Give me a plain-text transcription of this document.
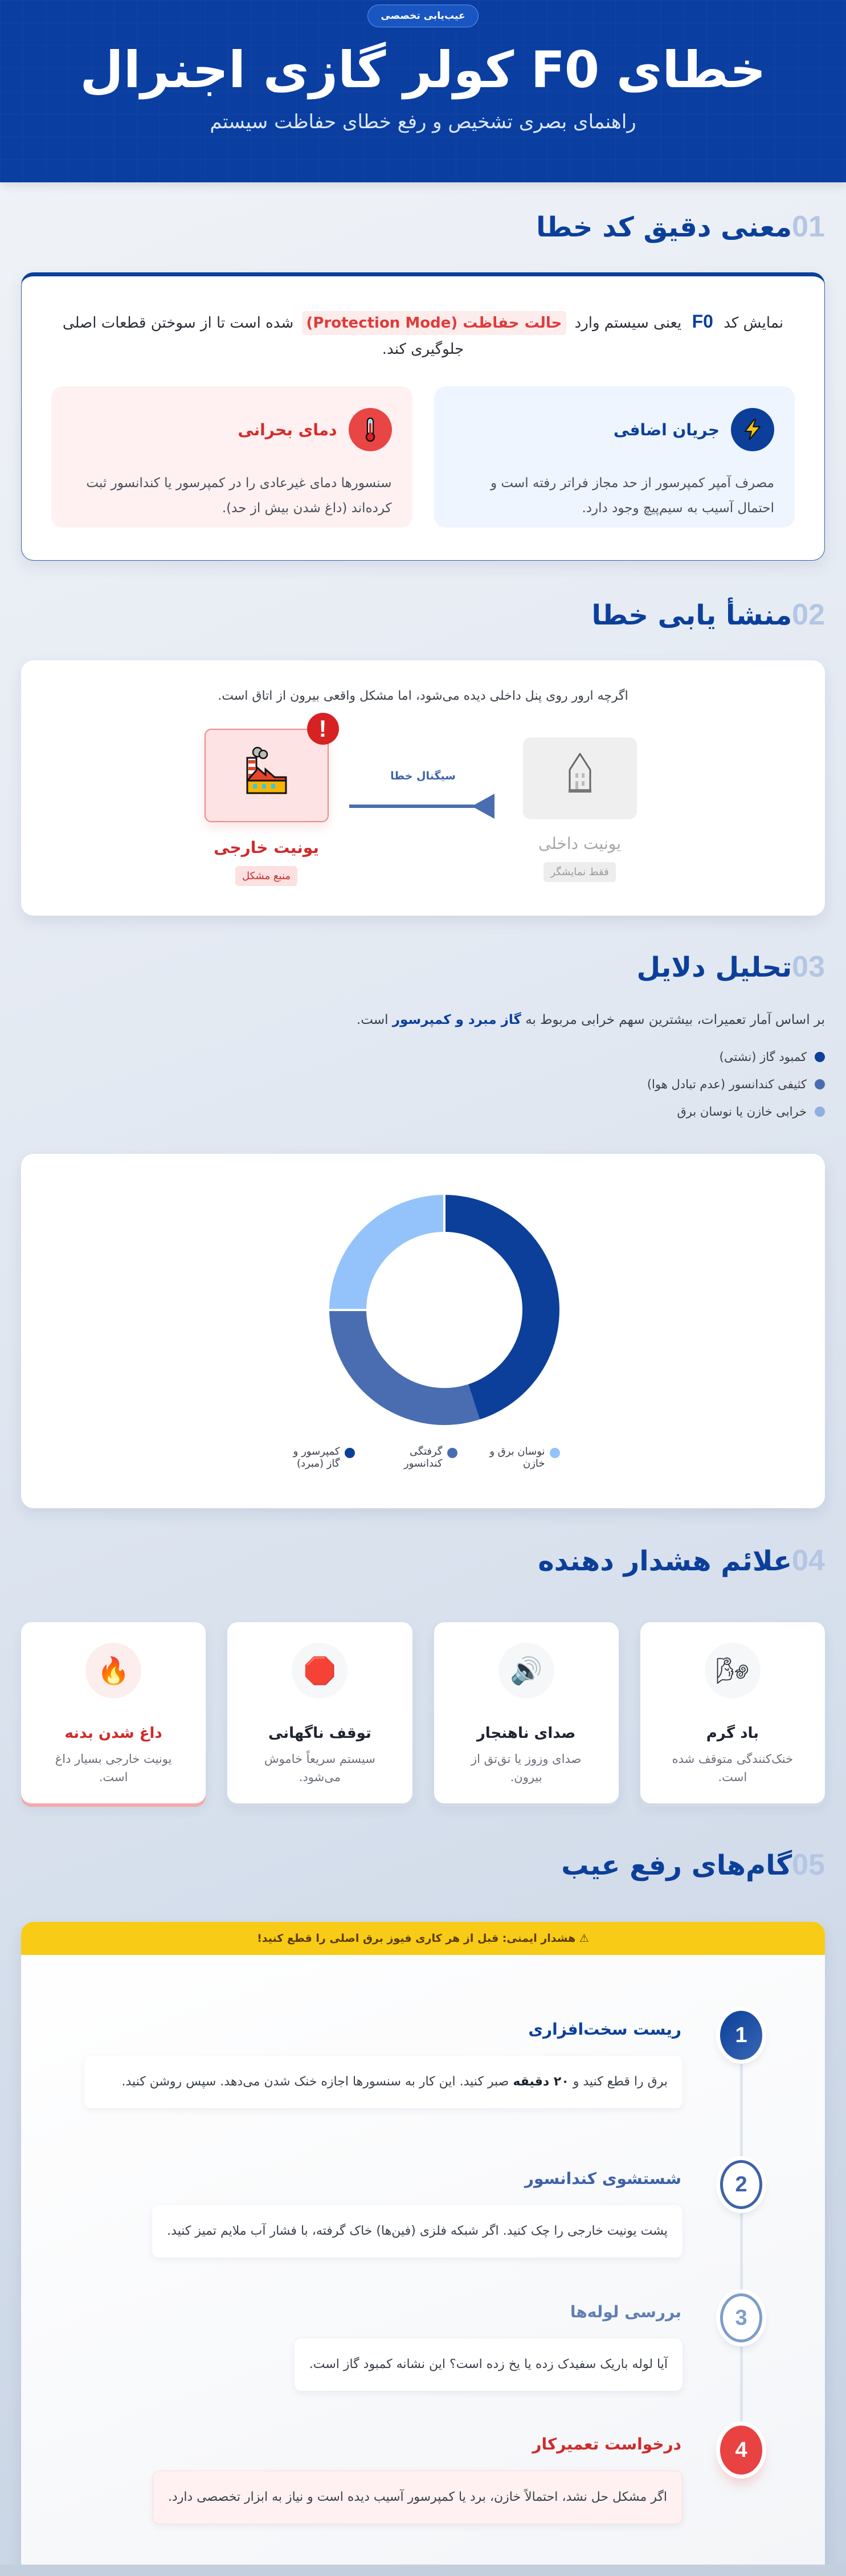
عیب‌یابی تخصصی
خطای F0 کولر گازی اجنرال

راهنمای بصری تشخیص و رفع خطای حفاظت سیستم

01
معنی دقیق کد خطا

نمایش کد F0 یعنی سیستم وارد حالت حفاظت (Protection Mode) شده است تا از سوختن قطعات اصلی جلوگیری کند.

جریان اضافی

مصرف آمپر کمپرسور از حد مجاز فراتر رفته است و احتمال آسیب به سیم‌پیچ وجود دارد.

دمای بحرانی

سنسورها دمای غیرعادی را در کمپرسور یا کندانسور ثبت کرده‌اند (داغ شدن بیش از حد).

02
منشأ یابی خطا

اگرچه ارور روی پنل داخلی دیده می‌شود، اما مشکل واقعی بیرون از اتاق است.

!
یونیت خارجی
منبع مشکل
سیگنال خطا
یونیت داخلی
فقط نمایشگر
03
تحلیل دلایل

بر اساس آمار تعمیرات، بیشترین سهم خرابی مربوط به گاز مبرد و کمپرسور است.

کمبود گاز (نشتی)
کثیفی کندانسور (عدم تبادل هوا)
خرابی خازن یا نوسان برق
نوسان برق و خازن
گرفتگی کندانسور
کمپرسور و گاز (مبرد)
04
علائم هشدار دهنده
🌬
باد گرم

خنک‌کنندگی متوقف شده است.

🔊
صدای ناهنجار

صدای وزوز یا تق‌تق از بیرون.

🛑
توقف ناگهانی

سیستم سریعاً خاموش می‌شود.

🔥
داغ شدن بدنه

یونیت خارجی بسیار داغ است.

05
گام‌های رفع عیب
⚠ هشدار ایمنی: قبل از هر کاری فیوز برق اصلی را قطع کنید!
1
ریست سخت‌افزاری
برق را قطع کنید و ۲۰ دقیقه صبر کنید. این کار به سنسورها اجازه خنک شدن می‌دهد. سپس روشن کنید.
2
شستشوی کندانسور
پشت یونیت خارجی را چک کنید. اگر شبکه فلزی (فین‌ها) خاک گرفته، با فشار آب ملایم تمیز کنید.
3
بررسی لوله‌ها
آیا لوله باریک سفیدک زده یا یخ زده است؟ این نشانه کمبود گاز است.
4
درخواست تعمیرکار
اگر مشکل حل نشد، احتمالاً خازن، برد یا کمپرسور آسیب دیده است و نیاز به ابزار تخصصی دارد.
